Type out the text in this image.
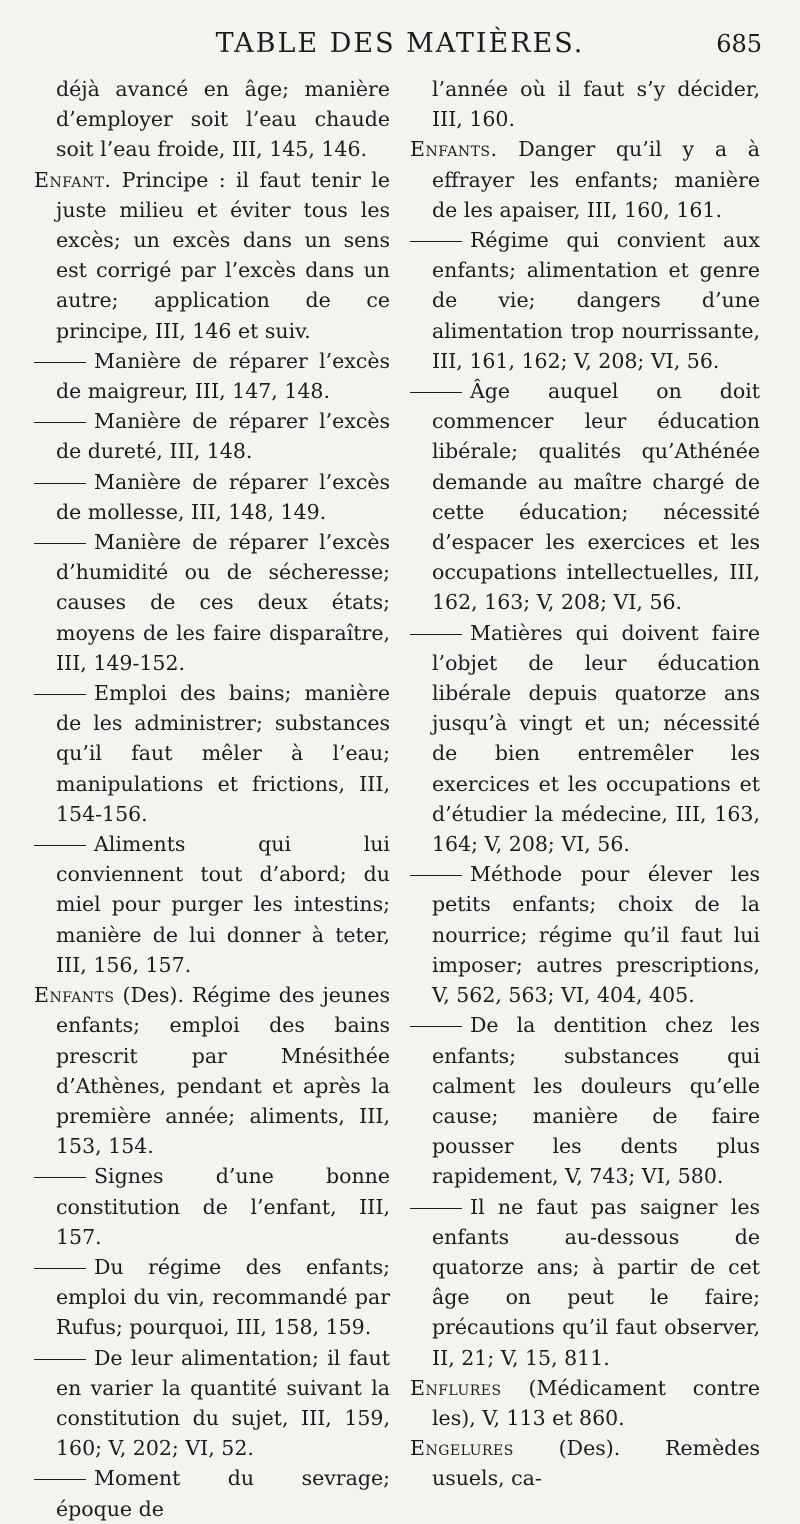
TABLE DES MATIÈRES.	685

déjà avancé en âge; manière d’employer soit l’eau chaude soit l’eau froide, III, 145, 146.

Enfant. Principe : il faut tenir le juste milieu et éviter tous les excès; un excès dans un sens est corrigé par l’excès dans un autre; application de ce principe, III, 146 et suiv.

Manière de réparer l’excès de maigreur, III, 147, 148.

Manière de réparer l’excès de dureté, III, 148.

Manière de réparer l’excès de mollesse, III, 148, 149.

Manière de réparer l’excès d’humidité ou de sécheresse; causes de ces deux états; moyens de les faire disparaître, III, 149-152.

Emploi des bains; manière de les administrer; substances qu’il faut mêler à l’eau; manipulations et frictions, III, 154-156.

Aliments qui lui conviennent tout d’abord; du miel pour purger les intestins; manière de lui donner à teter, III, 156, 157.

Enfants (Des). Régime des jeunes enfants; emploi des bains prescrit par Mnésithée d’Athènes, pendant et après la première année; aliments, III, 153, 154.

Signes d’une bonne constitution de l’enfant, III, 157.

Du régime des enfants; emploi du vin, recommandé par Rufus; pourquoi, III, 158, 159.

De leur alimentation; il faut en varier la quantité suivant la constitution du sujet, III, 159, 160; V, 202; VI, 52.

Moment du sevrage; époque de

l’année où il faut s’y décider, III, 160.

Enfants. Danger qu’il y a à effrayer les enfants; manière de les apaiser, III, 160, 161.

Régime qui convient aux enfants; alimentation et genre de vie; dangers d’une alimentation trop nourrissante, III, 161, 162; V, 208; VI, 56.

Âge auquel on doit commencer leur éducation libérale; qualités qu’Athénée demande au maître chargé de cette éducation; nécessité d’espacer les exercices et les occupations intellectuelles, III, 162, 163; V, 208; VI, 56.

Matières qui doivent faire l’objet de leur éducation libérale depuis quatorze ans jusqu’à vingt et un; nécessité de bien entremêler les exercices et les occupations et d’étudier la médecine, III, 163, 164; V, 208; VI, 56.

Méthode pour élever les petits enfants; choix de la nourrice; régime qu’il faut lui imposer; autres prescriptions, V, 562, 563; VI, 404, 405.

De la dentition chez les enfants; substances qui calment les douleurs qu’elle cause; manière de faire pousser les dents plus rapidement, V, 743; VI, 580.

Il ne faut pas saigner les enfants au-dessous de quatorze ans; à partir de cet âge on peut le faire; précautions qu’il faut observer, II, 21; V, 15, 811.

Enflures (Médicament contre les), V, 113 et 860.

Engelures (Des). Remèdes usuels, ca-
